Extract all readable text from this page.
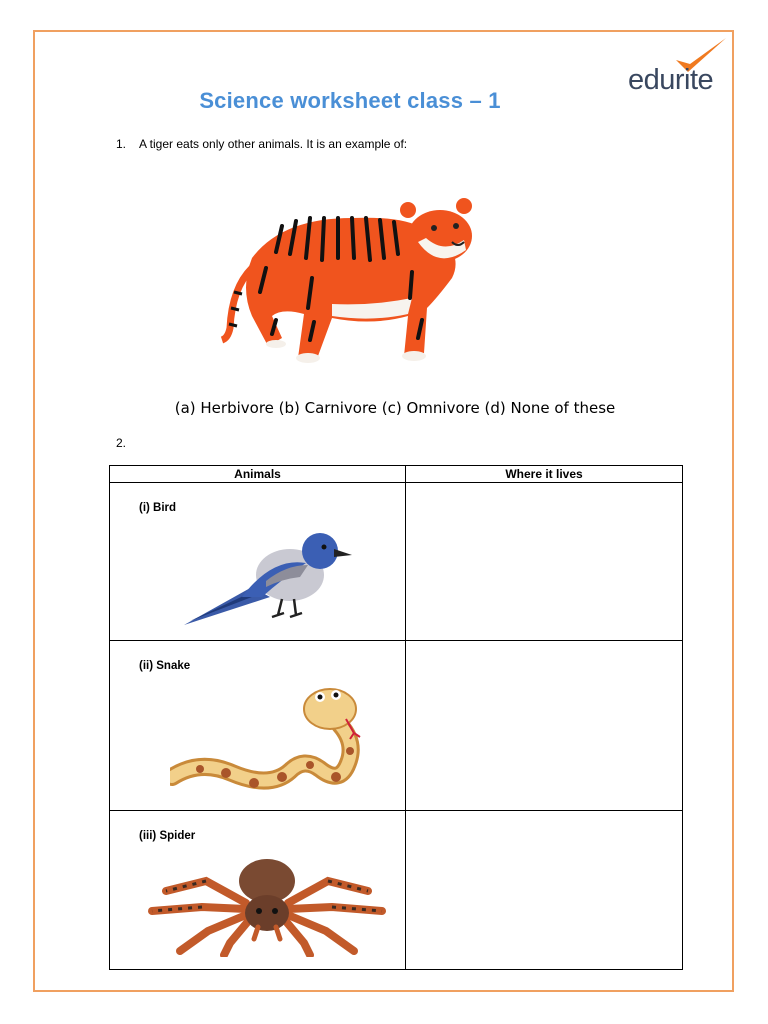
edurite
Science worksheet class – 1
1. A tiger eats only other animals. It is an example of:
(a) Herbivore (b) Carnivore (c) Omnivore (d) None of these
2.
Animals	Where it lives

(i) Bird	

(ii) Snake	

(iii) Spider	
